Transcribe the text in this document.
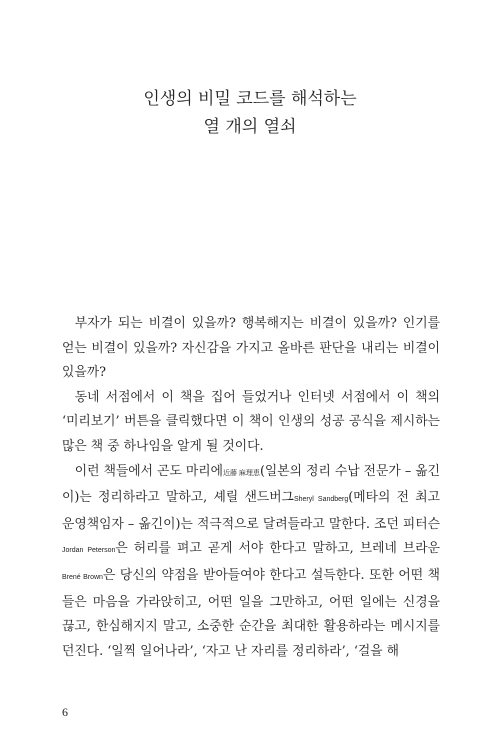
인생의 비밀 코드를 해석하는
열 개의 열쇠

부자가 되는 비결이 있을까? 행복해지는 비결이 있을까? 인기를 얻는 비결이 있을까? 자신감을 가지고 올바른 판단을 내리는 비결이 있을까?

동네 서점에서 이 책을 집어 들었거나 인터넷 서점에서 이 책의 ‘미리보기’ 버튼을 클릭했다면 이 책이 인생의 성공 공식을 제시하는 많은 책 중 하나임을 알게 될 것이다.

이런 책들에서 곤도 마리에近藤 麻理恵(일본의 정리 수납 전문가 – 옮긴이)는 정리하라고 말하고, 셰릴 샌드버그Sheryl Sandberg(메타의 전 최고 운영책임자 – 옮긴이)는 적극적으로 달려들라고 말한다. 조던 피터슨 Jordan Peterson은 허리를 펴고 곧게 서야 한다고 말하고, 브레네 브라운 Brené Brown은 당신의 약점을 받아들여야 한다고 설득한다. 또한 어떤 책들은 마음을 가라앉히고, 어떤 일을 그만하고, 어떤 일에는 신경을 끊고, 한심해지지 말고, 소중한 순간을 최대한 활용하라는 메시지를 던진다. ‘일찍 일어나라’, ‘자고 난 자리를 정리하라’, ‘걸을 해

6
